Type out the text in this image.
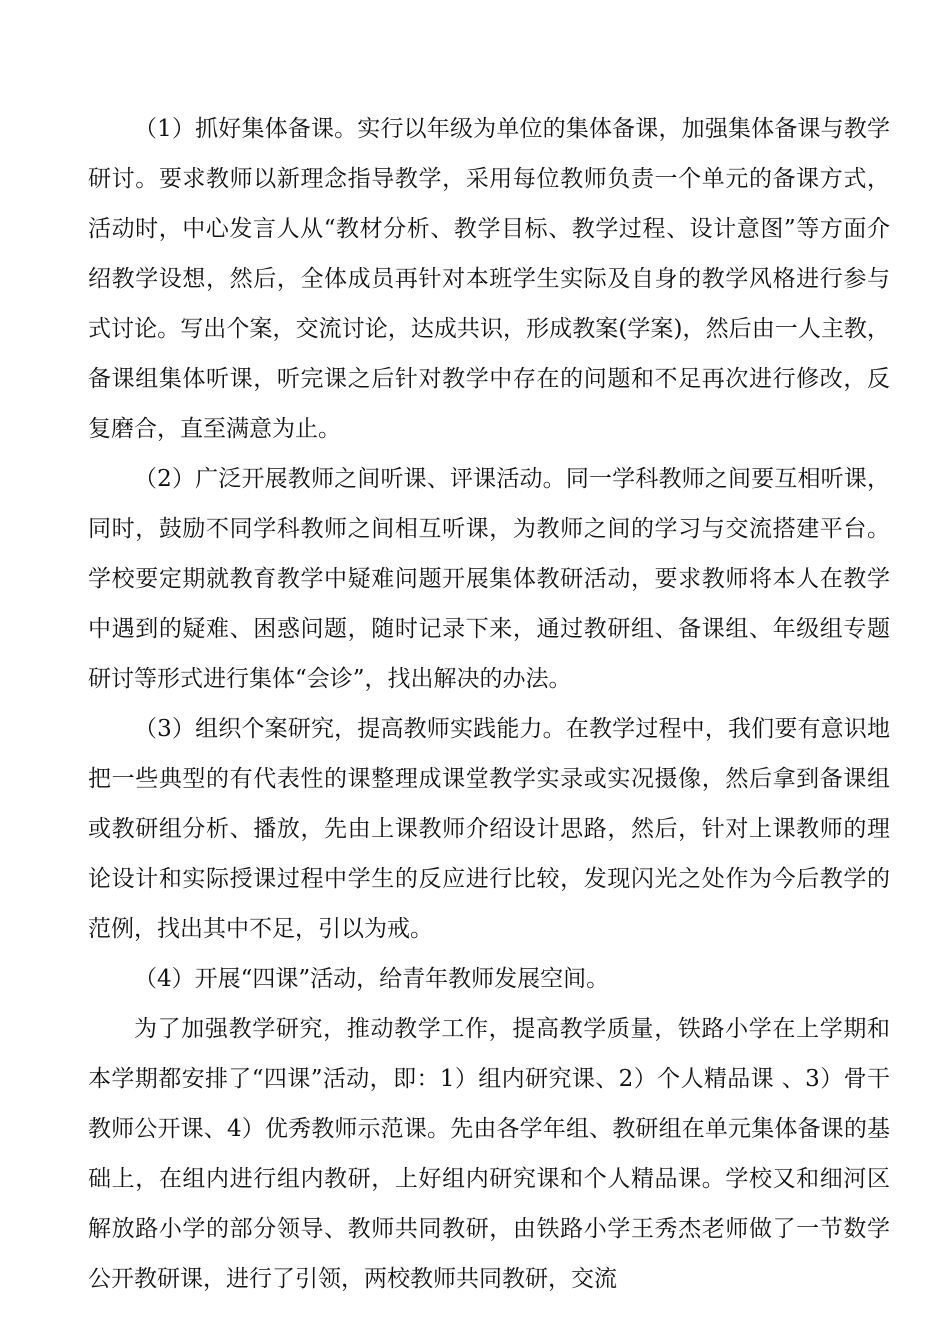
（1）抓好集体备课。实行以年级为单位的集体备课，加强集体备课与教学研讨。要求教师以新理念指导教学，采用每位教师负责一个单元的备课方式，活动时，中心发言人从“教材分析、教学目标、教学过程、设计意图”等方面介绍教学设想，然后，全体成员再针对本班学生实际及自身的教学风格进行参与式讨论。写出个案，交流讨论，达成共识，形成教案(学案)，然后由一人主教，备课组集体听课，听完课之后针对教学中存在的问题和不足再次进行修改，反复磨合，直至满意为止。

（2）广泛开展教师之间听课、评课活动。同一学科教师之间要互相听课，同时，鼓励不同学科教师之间相互听课，为教师之间的学习与交流搭建平台。学校要定期就教育教学中疑难问题开展集体教研活动，要求教师将本人在教学中遇到的疑难、困惑问题，随时记录下来，通过教研组、备课组、年级组专题研讨等形式进行集体“会诊”，找出解决的办法。

（3）组织个案研究，提高教师实践能力。在教学过程中，我们要有意识地把一些典型的有代表性的课整理成课堂教学实录或实况摄像，然后拿到备课组或教研组分析、播放，先由上课教师介绍设计思路，然后，针对上课教师的理论设计和实际授课过程中学生的反应进行比较，发现闪光之处作为今后教学的范例，找出其中不足，引以为戒。

（4）开展“四课”活动，给青年教师发展空间。

为了加强教学研究，推动教学工作，提高教学质量，铁路小学在上学期和本学期都安排了“四课”活动，即：1）组内研究课、2）个人精品课 、3）骨干教师公开课、4）优秀教师示范课。先由各学年组、教研组在单元集体备课的基础上，在组内进行组内教研，上好组内研究课和个人精品课。学校又和细河区解放路小学的部分领导、教师共同教研，由铁路小学王秀杰老师做了一节数学公开教研课，进行了引领，两校教师共同教研，交流
